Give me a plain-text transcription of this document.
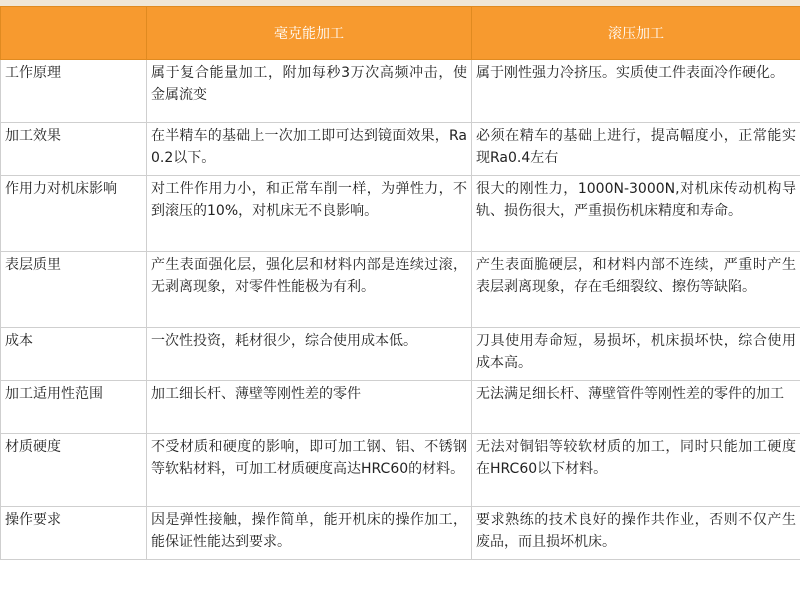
	毫克能加工	滚压加工
工作原理	属于复合能量加工，附加每秒3万次高频冲击，使金属流变	属于刚性强力冷挤压。实质使工件表面冷作硬化。
加工效果	在半精车的基础上一次加工即可达到镜面效果，Ra0.2以下。	必须在精车的基础上进行，提高幅度小，正常能实现Ra0.4左右
作用力对机床影响	对工件作用力小，和正常车削一样，为弹性力，不到滚压的10%，对机床无不良影响。	很大的刚性力，1000N-3000N,对机床传动机构导轨、损伤很大，严重损伤机床精度和寿命。
表层质里	产生表面强化层，强化层和材料内部是连续过滚，无剥离现象，对零件性能极为有利。	产生表面脆硬层，和材料内部不连续，严重时产生表层剥离现象，存在毛细裂纹、擦伤等缺陷。
成本	一次性投资，耗材很少，综合使用成本低。	刀具使用寿命短，易损坏，机床损坏快，综合使用成本高。
加工适用性范围	加工细长杆、薄壁等刚性差的零件	无法满足细长杆、薄壁管件等刚性差的零件的加工
材质硬度	不受材质和硬度的影响，即可加工钢、铝、不锈钢等软粘材料，可加工材质硬度高达HRC60的材料。	无法对铜铝等较软材质的加工，同时只能加工硬度在HRC60以下材料。
操作要求	因是弹性接触，操作简单，能开机床的操作加工，能保证性能达到要求。	要求熟练的技术良好的操作共作业，否则不仅产生废品，而且损坏机床。
